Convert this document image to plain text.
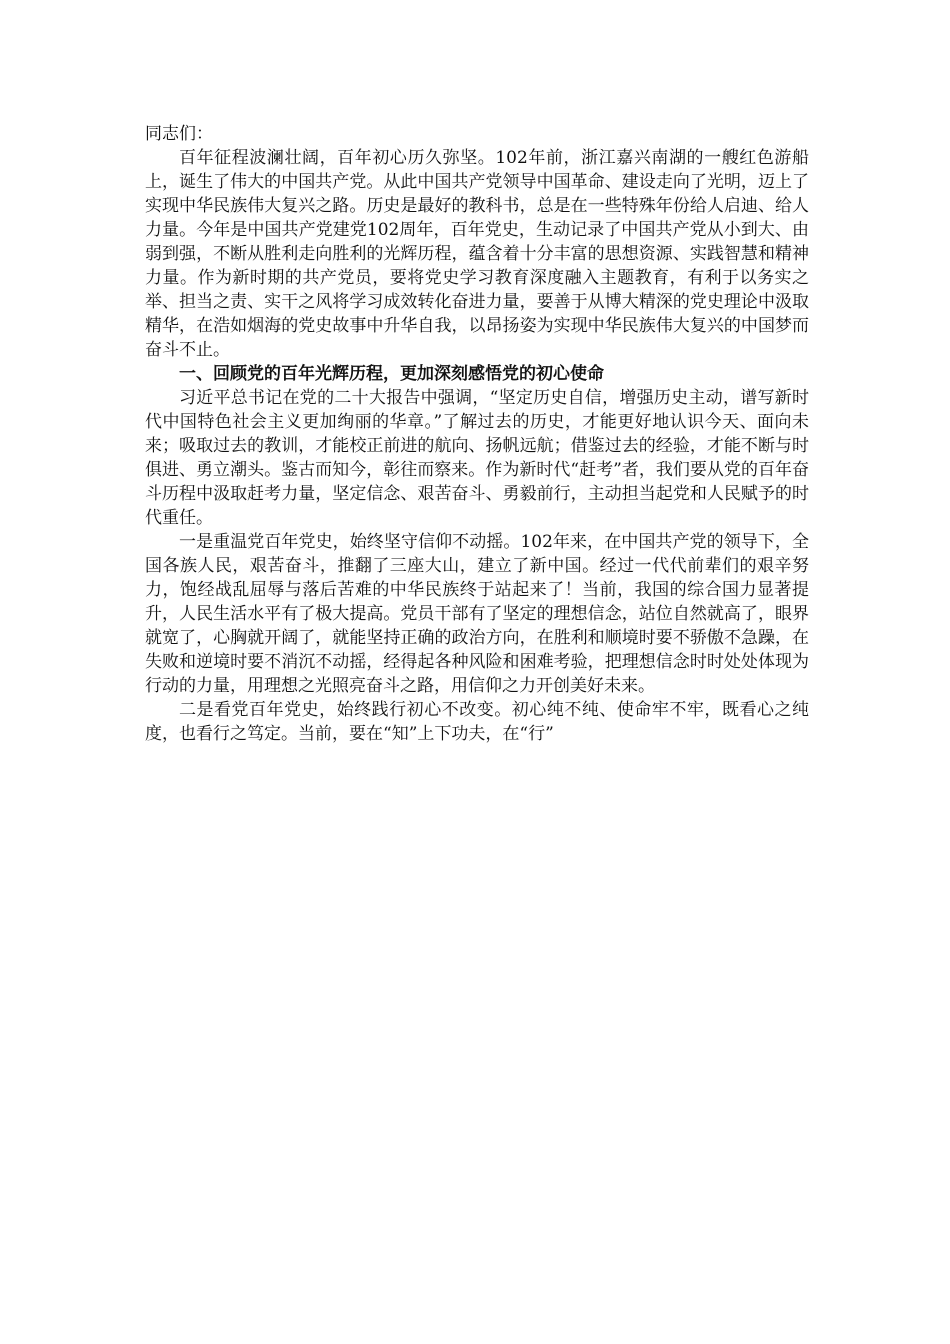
同志们：

百年征程波澜壮阔，百年初心历久弥坚。102年前，浙江嘉兴南湖的一艘红色游船上，诞生了伟大的中国共产党。从此中国共产党领导中国革命、建设走向了光明，迈上了实现中华民族伟大复兴之路。历史是最好的教科书，总是在一些特殊年份给人启迪、给人力量。今年是中国共产党建党102周年，百年党史，生动记录了中国共产党从小到大、由弱到强，不断从胜利走向胜利的光辉历程，蕴含着十分丰富的思想资源、实践智慧和精神力量。作为新时期的共产党员，要将党史学习教育深度融入主题教育，有利于以务实之举、担当之责、实干之风将学习成效转化奋进力量，要善于从博大精深的党史理论中汲取精华，在浩如烟海的党史故事中升华自我，以昂扬姿为实现中华民族伟大复兴的中国梦而奋斗不止。

一、回顾党的百年光辉历程，更加深刻感悟党的初心使命

习近平总书记在党的二十大报告中强调，“坚定历史自信，增强历史主动，谱写新时代中国特色社会主义更加绚丽的华章。”了解过去的历史，才能更好地认识今天、面向未来；吸取过去的教训，才能校正前进的航向、扬帆远航；借鉴过去的经验，才能不断与时俱进、勇立潮头。鉴古而知今，彰往而察来。作为新时代“赶考”者，我们要从党的百年奋斗历程中汲取赶考力量，坚定信念、艰苦奋斗、勇毅前行，主动担当起党和人民赋予的时代重任。

一是重温党百年党史，始终坚守信仰不动摇。102年来，在中国共产党的领导下，全国各族人民，艰苦奋斗，推翻了三座大山，建立了新中国。经过一代代前辈们的艰辛努力，饱经战乱屈辱与落后苦难的中华民族终于站起来了！当前，我国的综合国力显著提升，人民生活水平有了极大提高。党员干部有了坚定的理想信念，站位自然就高了，眼界就宽了，心胸就开阔了，就能坚持正确的政治方向，在胜利和顺境时要不骄傲不急躁，在失败和逆境时要不消沉不动摇，经得起各种风险和困难考验，把理想信念时时处处体现为行动的力量，用理想之光照亮奋斗之路，用信仰之力开创美好未来。

二是看党百年党史，始终践行初心不改变。初心纯不纯、使命牢不牢，既看心之纯度，也看行之笃定。当前，要在“知”上下功夫，在“行”
